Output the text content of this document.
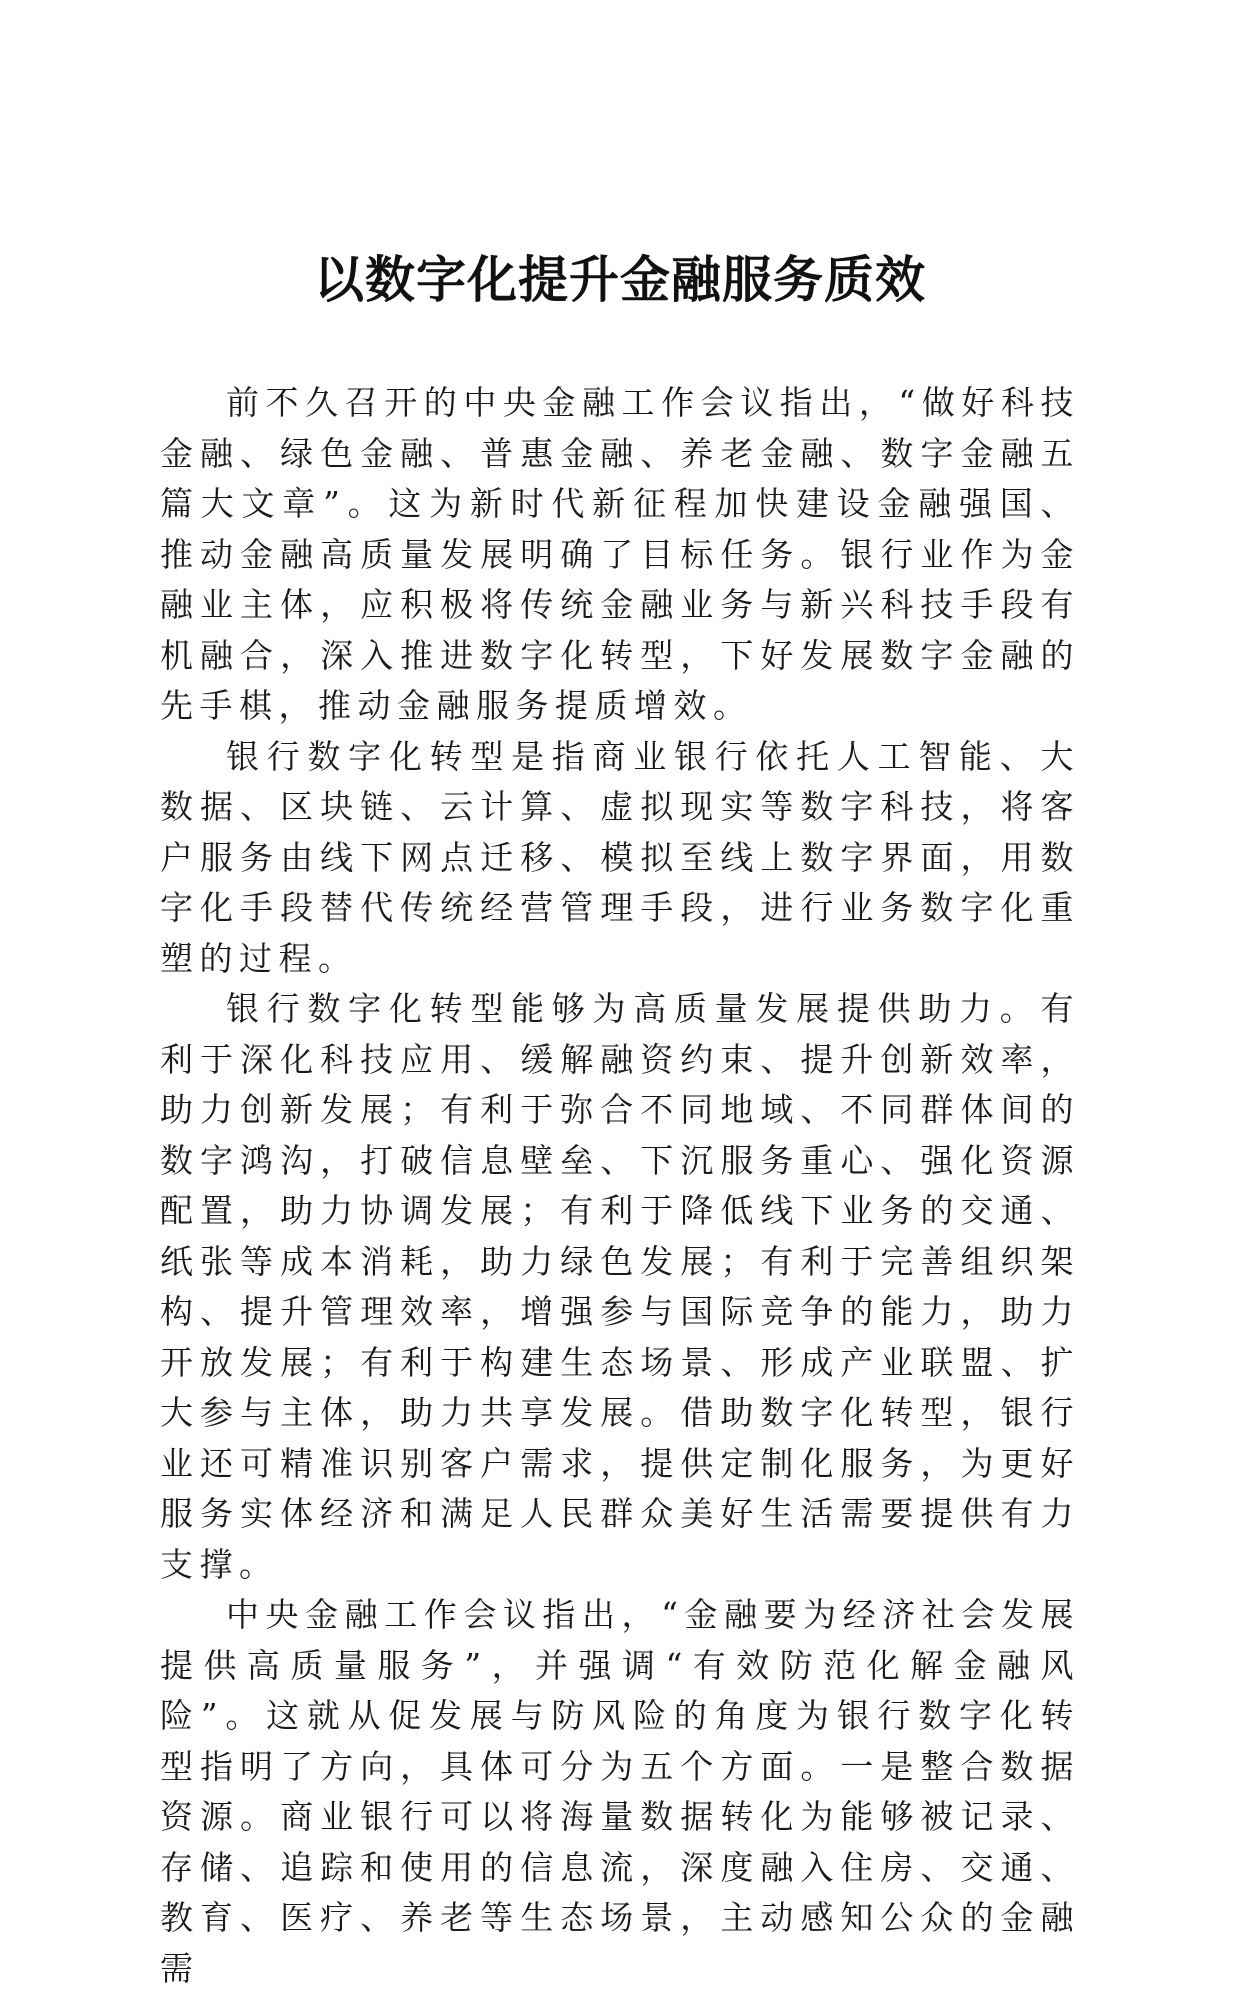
以数字化提升金融服务质效

前不久召开的中央金融工作会议指出，“做好科技金融、绿色金融、普惠金融、养老金融、数字金融五篇大文章”。这为新时代新征程加快建设金融强国、推动金融高质量发展明确了目标任务。银行业作为金融业主体，应积极将传统金融业务与新兴科技手段有机融合，深入推进数字化转型，下好发展数字金融的先手棋，推动金融服务提质增效。

银行数字化转型是指商业银行依托人工智能、大数据、区块链、云计算、虚拟现实等数字科技，将客户服务由线下网点迁移、模拟至线上数字界面，用数字化手段替代传统经营管理手段，进行业务数字化重塑的过程。

银行数字化转型能够为高质量发展提供助力。有利于深化科技应用、缓解融资约束、提升创新效率，助力创新发展；有利于弥合不同地域、不同群体间的数字鸿沟，打破信息壁垒、下沉服务重心、强化资源配置，助力协调发展；有利于降低线下业务的交通、纸张等成本消耗，助力绿色发展；有利于完善组织架构、提升管理效率，增强参与国际竞争的能力，助力开放发展；有利于构建生态场景、形成产业联盟、扩大参与主体，助力共享发展。借助数字化转型，银行业还可精准识别客户需求，提供定制化服务，为更好服务实体经济和满足人民群众美好生活需要提供有力支撑。

中央金融工作会议指出，“金融要为经济社会发展提供高质量服务”，并强调“有效防范化解金融风险”。这就从促发展与防风险的角度为银行数字化转型指明了方向，具体可分为五个方面。一是整合数据资源。商业银行可以将海量数据转化为能够被记录、存储、追踪和使用的信息流，深度融入住房、交通、教育、医疗、养老等生态场景，主动感知公众的金融需
